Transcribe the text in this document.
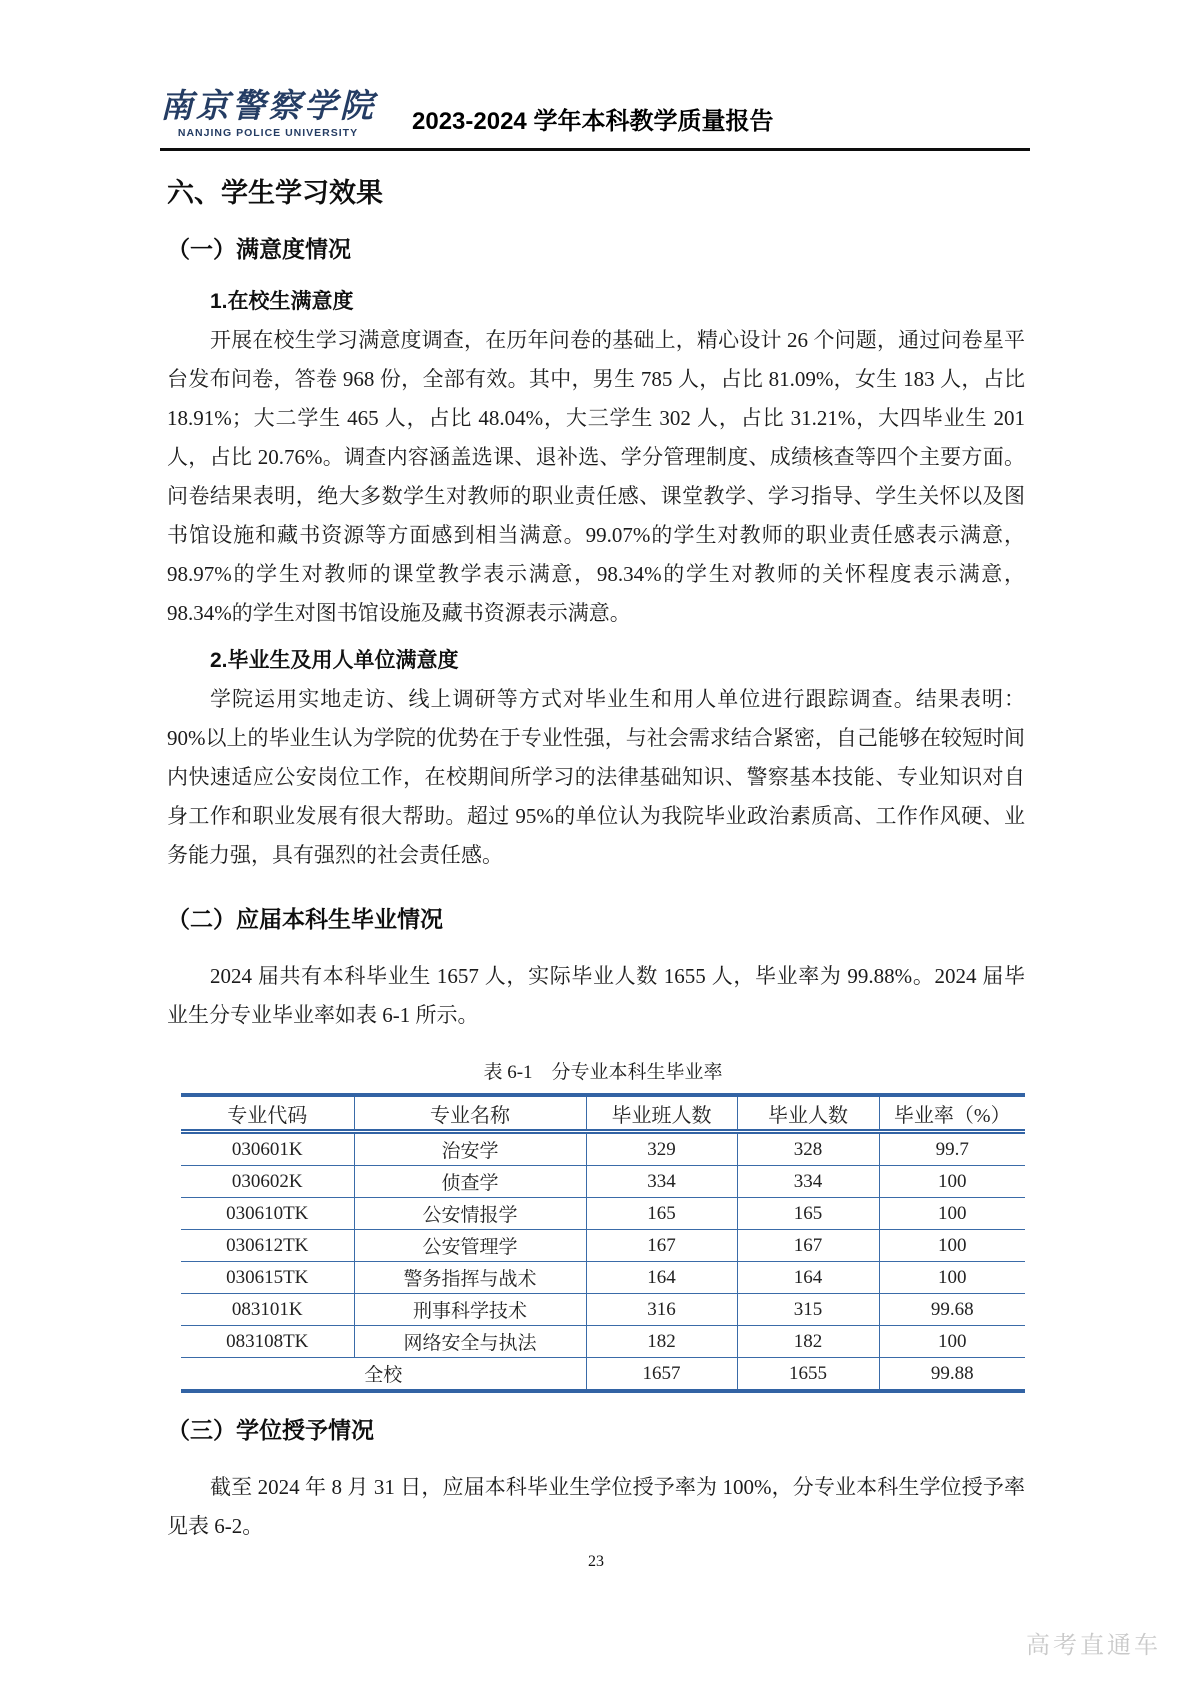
南京警察学院
NANJING POLICE UNIVERSITY 2023-2024 学年本科教学质量报告
六、学生学习效果
（一）满意度情况
1.在校生满意度
开展在校生学习满意度调查，在历年问卷的基础上，精心设计 26 个问题，通过问卷星平台发布问卷，答卷 968 份，全部有效。其中，男生 785 人，占比 81.09%，女生 183 人，占比 18.91%；大二学生 465 人，占比 48.04%，大三学生 302 人，占比 31.21%，大四毕业生 201 人，占比 20.76%。调查内容涵盖选课、退补选、学分管理制度、成绩核查等四个主要方面。问卷结果表明，绝大多数学生对教师的职业责任感、课堂教学、学习指导、学生关怀以及图书馆设施和藏书资源等方面感到相当满意。99.07%的学生对教师的职业责任感表示满意，98.97%的学生对教师的课堂教学表示满意，98.34%的学生对教师的关怀程度表示满意，98.34%的学生对图书馆设施及藏书资源表示满意。
2.毕业生及用人单位满意度
学院运用实地走访、线上调研等方式对毕业生和用人单位进行跟踪调查。结果表明：90%以上的毕业生认为学院的优势在于专业性强，与社会需求结合紧密，自己能够在较短时间内快速适应公安岗位工作，在校期间所学习的法律基础知识、警察基本技能、专业知识对自身工作和职业发展有很大帮助。超过 95%的单位认为我院毕业政治素质高、工作作风硬、业务能力强，具有强烈的社会责任感。
（二）应届本科生毕业情况
2024 届共有本科毕业生 1657 人，实际毕业人数 1655 人，毕业率为 99.88%。2024 届毕业生分专业毕业率如表 6-1 所示。
表 6-1　分专业本科生毕业率
专业代码	专业名称	毕业班人数	毕业人数	毕业率（%）
030601K	治安学	329	328	99.7
030602K	侦查学	334	334	100
030610TK	公安情报学	165	165	100
030612TK	公安管理学	167	167	100
030615TK	警务指挥与战术	164	164	100
083101K	刑事科学技术	316	315	99.68
083108TK	网络安全与执法	182	182	100
全校		1657	1655	99.88
（三）学位授予情况
截至 2024 年 8 月 31 日，应届本科毕业生学位授予率为 100%，分专业本科生学位授予率见表 6-2。
23
高考直通车
